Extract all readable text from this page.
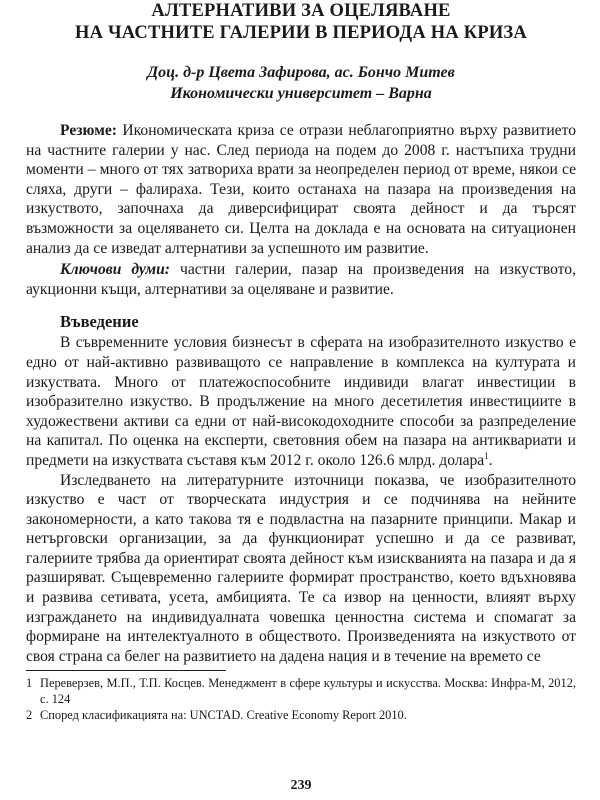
АЛТЕРНАТИВИ ЗА ОЦЕЛЯВАНЕ
НА ЧАСТНИТЕ ГАЛЕРИИ В ПЕРИОДА НА КРИЗА
Доц. д-р Цвета Зафирова, ас. Бончо Митев
Икономически университет – Варна

Резюме: Икономическата криза се отрази неблагоприятно върху развитието на частните галерии у нас. След периода на подем до 2008 г. настъпиха трудни моменти – много от тях затвориха врати за неопределен период от време, някои се сляха, други – фалираха. Тези, които останаха на пазара на произведения на изкуството, започнаха да диверсифицират своята дейност и да търсят възможности за оцеляването си. Целта на доклада е на основата на ситуационен анализ да се изведат алтернативи за успешното им развитие.

Ключови думи: частни галерии, пазар на произведения на изкуството, аукционни къщи, алтернативи за оцеляване и развитие.

Въведение

В съвременните условия бизнесът в сферата на изобразителното изкуство е едно от най-активно развиващото се направление в комплекса на културата и изкуствата. Много от платежоспособните индивиди влагат инвестиции в изобразително изкуство. В продължение на много десетилетия инвестициите в художествени активи са едни от най-високодоходните способи за разпределение на капитал. По оценка на експерти, световния обем на пазара на антиквариати и предмети на изкуствата съставя към 2012 г. около 126.6 млрд. долара$^1$.

Изследването на литературните източници показва, че изобразителното изкуство е част от творческата индустрия и се подчинява на нейните закономерности, а като такова тя е подвластна на пазарните принципи. Макар и нетърговски организации, за да функционират успешно и да се развиват, галериите трябва да ориентират своята дейност към изискванията на пазара и да я разширяват. Същевременно галериите формират пространство, което вдъхновява и развива сетивата, усета, амбицията. Те са извор на ценности, влияят върху изграждането на индивидуалната човешка ценностна система и спомагат за формиране на интелектуалното в обществото. Произведенията на изкуството от своя страна са белег на развитието на дадена нация и в течение на времето се

1 Переверзев, М.П., Т.П. Косцев. Менеджмент в сфере культуры и искусства. Москва: Инфра-М, 2012, с. 124

2 Според класификацията на: UNCTAD. Creative Economy Report 2010.

239
